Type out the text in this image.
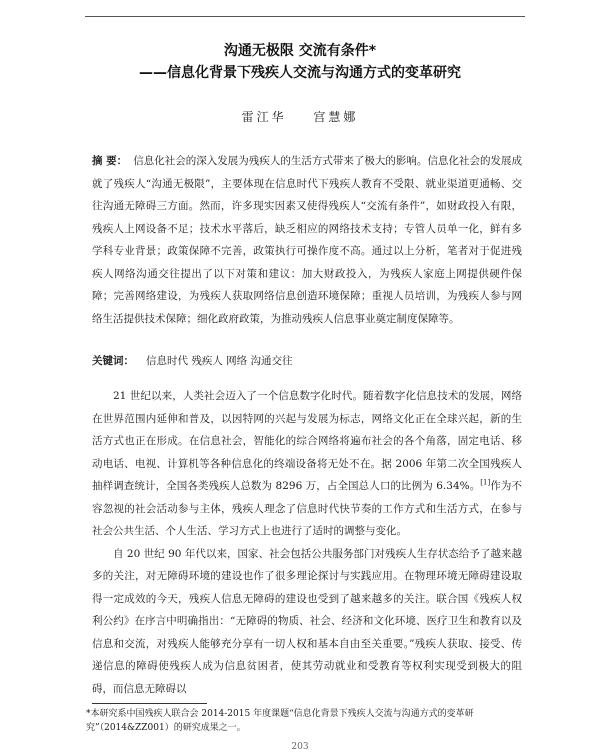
沟通无极限 交流有条件*
——信息化背景下残疾人交流与沟通方式的变革研究
雷江华 宫慧娜
摘 要： 信息化社会的深入发展为残疾人的生活方式带来了极大的影响。信息化社会的发展成就了残疾人“沟通无极限”，主要体现在信息时代下残疾人教育不受限、就业渠道更通畅、交往沟通无障碍三方面。然而，许多现实因素又使得残疾人“交流有条件”，如财政投入有限，残疾人上网设备不足；技术水平落后，缺乏相应的网络技术支持；专管人员单一化，鲜有多学科专业背景；政策保障不完善，政策执行可操作度不高。通过以上分析，笔者对于促进残疾人网络沟通交往提出了以下对策和建议：加大财政投入，为残疾人家庭上网提供硬件保障；完善网络建设，为残疾人获取网络信息创造环境保障；重视人员培训，为残疾人参与网络生活提供技术保障；细化政府政策，为推动残疾人信息事业奠定制度保障等。
关键词： 信息时代 残疾人 网络 沟通交往

21 世纪以来，人类社会迈入了一个信息数字化时代。随着数字化信息技术的发展，网络在世界范围内延伸和普及，以因特网的兴起与发展为标志，网络文化正在全球兴起，新的生活方式也正在形成。在信息社会，智能化的综合网络将遍布社会的各个角落，固定电话、移动电话、电视、计算机等各种信息化的终端设备将无处不在。据 2006 年第二次全国残疾人抽样调查统计，全国各类残疾人总数为 8296 万，占全国总人口的比例为 6.34%。[1]作为不容忽视的社会活动参与主体，残疾人理念了信息时代快节奏的工作方式和生活方式，在参与社会公共生活、个人生活、学习方式上也进行了适时的调整与变化。

自 20 世纪 90 年代以来，国家、社会包括公共服务部门对残疾人生存状态给予了越来越多的关注，对无障碍环境的建设也作了很多理论探讨与实践应用。在物理环境无障碍建设取得一定成效的今天，残疾人信息无障碍的建设也受到了越来越多的关注。联合国《残疾人权利公约》在序言中明确指出：“无障碍的物质、社会、经济和文化环境、医疗卫生和教育以及信息和交流，对残疾人能够充分享有一切人权和基本自由至关重要。”残疾人获取、接受、传递信息的障碍使残疾人成为信息贫困者，使其劳动就业和受教育等权利实现受到极大的阻碍，而信息无障碍以

*本研究系中国残疾人联合会 2014-2015 年度课题“信息化背景下残疾人交流与沟通方式的变革研究”（2014&ZZ001）的研究成果之一。
203
